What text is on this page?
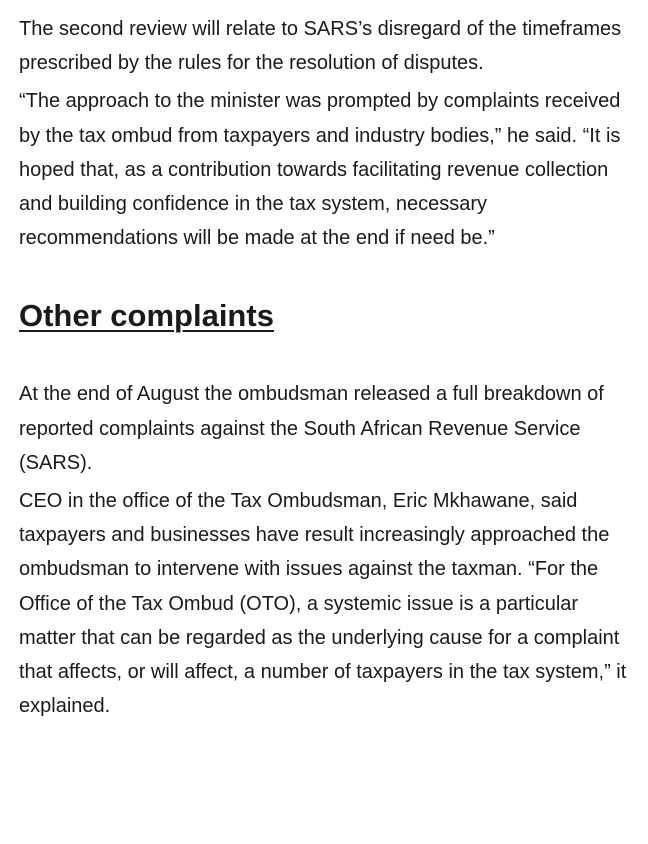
The second review will relate to SARS’s disregard of the timeframes prescribed by the rules for the resolution of disputes.

“The approach to the minister was prompted by complaints received by the tax ombud from taxpayers and industry bodies,” he said. “It is hoped that, as a contribution towards facilitating revenue collection and building confidence in the tax system, necessary recommendations will be made at the end if need be.”

Other complaints

At the end of August the ombudsman released a full breakdown of reported complaints against the South African Revenue Service (SARS).

CEO in the office of the Tax Ombudsman, Eric Mkhawane, said taxpayers and businesses have result increasingly approached the ombudsman to intervene with issues against the taxman. “For the Office of the Tax Ombud (OTO), a systemic issue is a particular matter that can be regarded as the underlying cause for a complaint that affects, or will affect, a number of taxpayers in the tax system,” it explained.
